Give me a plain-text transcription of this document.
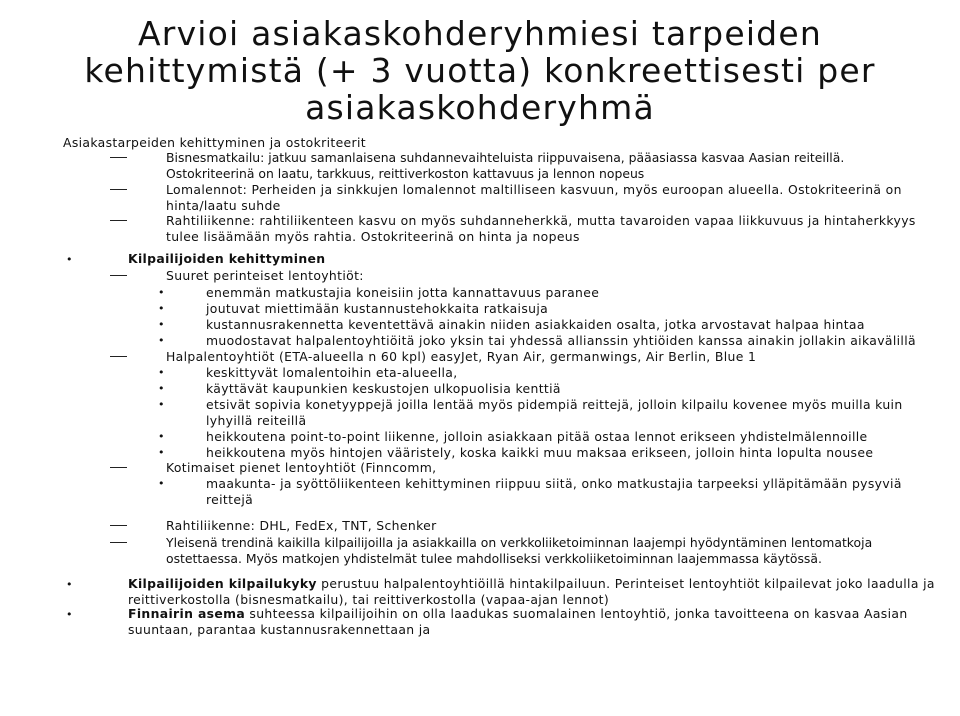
Arvioi asiakaskohderyhmiesi tarpeiden
kehittymistä (+ 3 vuotta) konkreettisesti per
asiakaskohderyhmä
Asiakastarpeiden kehittyminen ja ostokriteerit
Bisnesmatkailu: jatkuu samanlaisena suhdannevaihteluista riippuvaisena, pääasiassa kasvaa Aasian reiteillä.
Ostokriteerinä on laatu, tarkkuus, reittiverkoston kattavuus ja lennon nopeus
Lomalennot: Perheiden ja sinkkujen lomalennot maltilliseen kasvuun, myös euroopan alueella. Ostokriteerinä on
hinta/laatu suhde
Rahtiliikenne: rahtiliikenteen kasvu on myös suhdanneherkkä, mutta tavaroiden vapaa liikkuvuus ja hintaherkkyys
tulee lisäämään myös rahtia. Ostokriteerinä on hinta ja nopeus
•	Kilpailijoiden kehittyminen
Suuret perinteiset lentoyhtiöt:
•	enemmän matkustajia koneisiin jotta kannattavuus paranee
•	joutuvat miettimään kustannustehokkaita ratkaisuja
•	kustannusrakennetta keventettävä ainakin niiden asiakkaiden osalta, jotka arvostavat halpaa hintaa
•	muodostavat halpalentoyhtiöitä joko yksin tai yhdessä allianssin yhtiöiden kanssa ainakin jollakin aikavälillä
Halpalentoyhtiöt (ETA-alueella n 60 kpl) easyJet, Ryan Air, germanwings, Air Berlin, Blue 1
•	keskittyvät lomalentoihin eta-alueella,
•	käyttävät kaupunkien keskustojen ulkopuolisia kenttiä
•	etsivät sopivia konetyyppejä joilla lentää myös pidempiä reittejä, jolloin kilpailu kovenee myös muilla kuin
lyhyillä reiteillä
•	heikkoutena point-to-point liikenne, jolloin asiakkaan pitää ostaa lennot erikseen yhdistelmälennoille
•	heikkoutena myös hintojen vääristely, koska kaikki muu maksaa erikseen, jolloin hinta lopulta nousee
Kotimaiset pienet lentoyhtiöt (Finncomm,
•	maakunta- ja syöttöliikenteen kehittyminen riippuu siitä, onko matkustajia tarpeeksi ylläpitämään pysyviä
reittejä
Rahtiliikenne: DHL, FedEx, TNT, Schenker
Yleisenä trendinä kaikilla kilpailijoilla ja asiakkailla on verkkoliiketoiminnan laajempi hyödyntäminen lentomatkoja
ostettaessa. Myös matkojen yhdistelmät tulee mahdolliseksi verkkoliiketoiminnan laajemmassa käytössä.
•	Kilpailijoiden kilpailukyky perustuu halpalentoyhtiöillä hintakilpailuun. Perinteiset lentoyhtiöt kilpailevat joko laadulla ja
reittiverkostolla (bisnesmatkailu), tai reittiverkostolla (vapaa-ajan lennot)
•	Finnairin asema suhteessa kilpailijoihin on olla laadukas suomalainen lentoyhtiö, jonka tavoitteena on kasvaa Aasian
suuntaan, parantaa kustannusrakennettaan ja
